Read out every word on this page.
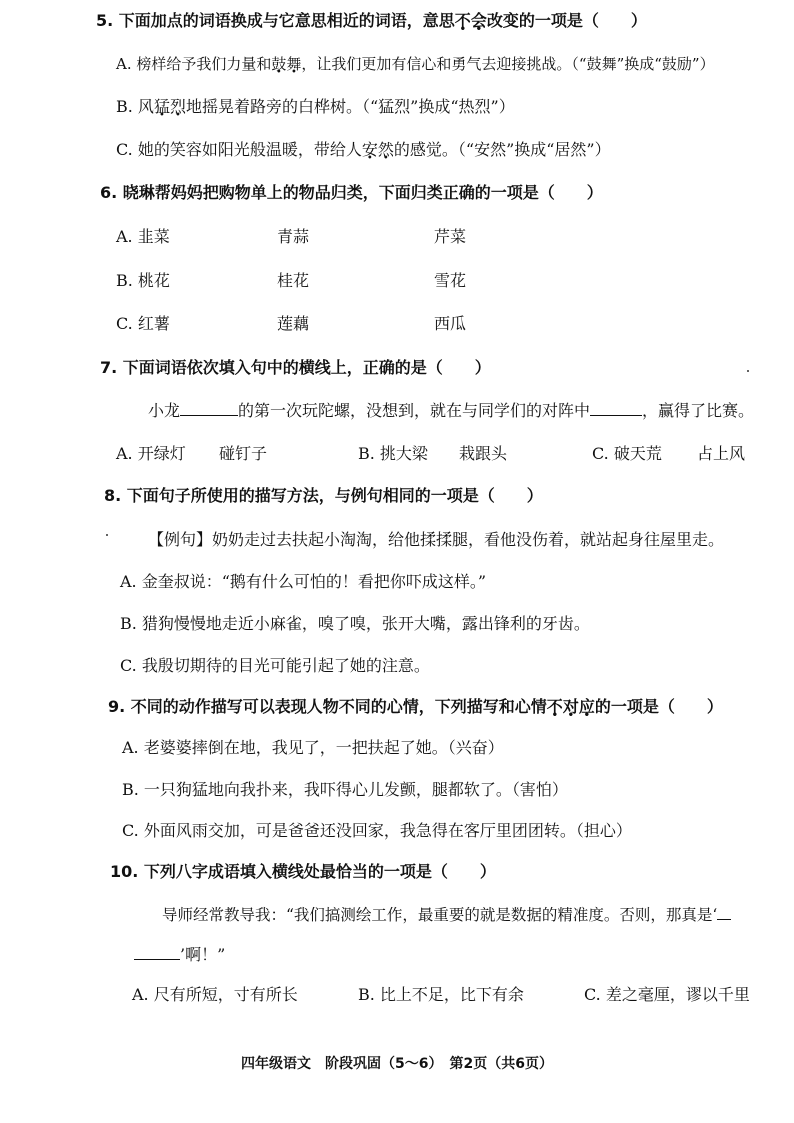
5. 下面加点的词语换成与它意思相近的词语，意思不会改变的一项是（　　）
A. 榜样给予我们力量和鼓舞，让我们更加有信心和勇气去迎接挑战。（“鼓舞”换成“鼓励”）
B. 风猛烈地摇晃着路旁的白桦树。（“猛烈”换成“热烈”）
C. 她的笑容如阳光般温暖，带给人安然的感觉。（“安然”换成“居然”）
6. 晓琳帮妈妈把购物单上的物品归类，下面归类正确的一项是（　　）
A. 韭菜	青蒜	芹菜
B. 桃花	桂花	雪花
C. 红薯	莲藕	西瓜
7. 下面词语依次填入句中的横线上，正确的是（　　）
小龙	的第一次玩陀螺，没想到，就在与同学们的对阵中	，赢得了比赛。
A. 开绿灯 碰钉子	B. 挑大梁 栽跟头	C. 破天荒 占上风
8. 下面句子所使用的描写方法，与例句相同的一项是（　　）
【例句】奶奶走过去扶起小淘淘，给他揉揉腿，看他没伤着，就站起身往屋里走。
A. 金奎叔说：“鹅有什么可怕的！看把你吓成这样。”
B. 猎狗慢慢地走近小麻雀，嗅了嗅，张开大嘴，露出锋利的牙齿。
C. 我殷切期待的目光可能引起了她的注意。
9. 不同的动作描写可以表现人物不同的心情，下列描写和心情不对应的一项是（　　）
A. 老婆婆摔倒在地，我见了，一把扶起了她。（兴奋）
B. 一只狗猛地向我扑来，我吓得心儿发颤，腿都软了。（害怕）
C. 外面风雨交加，可是爸爸还没回家，我急得在客厅里团团转。（担心）
10. 下列八字成语填入横线处最恰当的一项是（　　）
导师经常教导我：“我们搞测绘工作，最重要的就是数据的精准度。否则，那真是‘
’啊！”
A. 尺有所短，寸有所长	B. 比上不足，比下有余	C. 差之毫厘，谬以千里
四年级语文　阶段巩固（5～6）　第2页（共6页）
